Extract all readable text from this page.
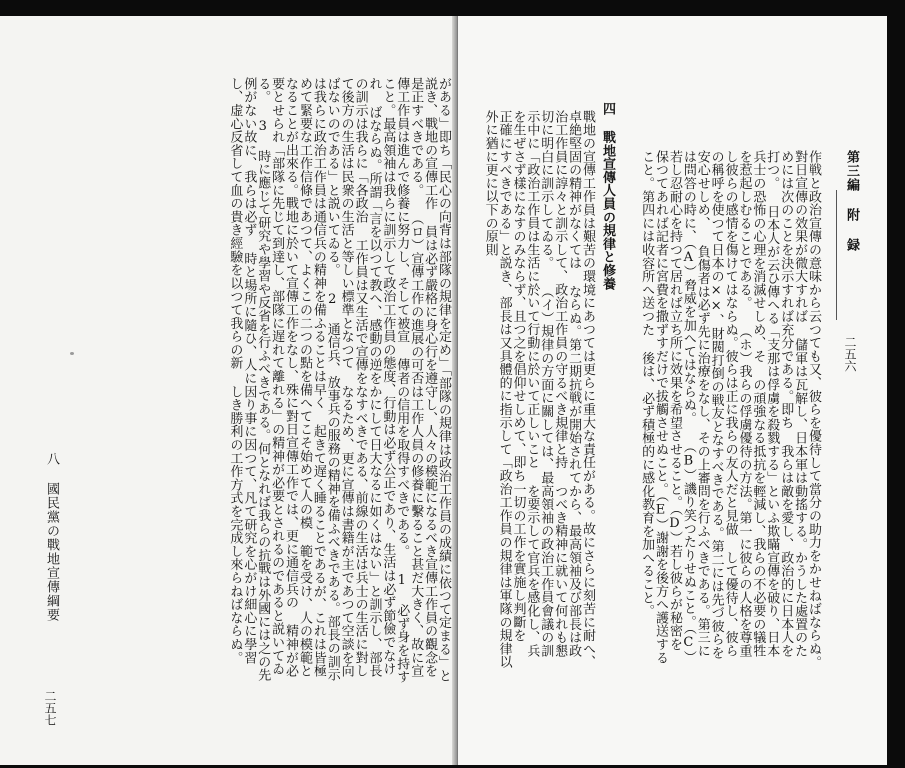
八 國民黨の戰地宣傳綱要
二五七
がある」即ち「民心の向背は部隊の規律を定め」「部隊の規律は政治工作員の成績に依つて定まる」と説き、戰地の宣傳工作 員は必ず嚴格に身心行を遵守し、人々の模範になるべき宣傳工作員の觀念を是正すべきである。 （ロ）宣傳工作の進展の可否は工作人員の修養に繫ること甚だ大きく、故に宣傳工作員は進んで修養に努力し、そして被宣 傳者の信用を取得すべきである。 1 必ず身を持すこと。最高領袖は我らに訓示して政治工作員の態度、行動は必ず公正であり、生活は必ず節儉でなけれ ばならぬ。所謂「言を以つて教へ、感動の逆をかにして日大なるに如くはない」と訓示し、部長の訓示は我らに「各政治 工作員は又生活で宣傳をなすべきである、前線の生活は兵士の生活に對して後方の生活は民衆の生活と等しい標準となつて なるため、更に宣傳は書籍が主であつて空談を向ばないのである」と説いてゐる。 2 通信兵、放事兵の服務の精神を備ふべきである。部長の訓示は我らに政治工作員は通信兵の精神を備ふることは早く 起きて遅く睡ることであるが、これは皆極めて緊要な工作信條であつて、よくこの二つの點を備へてこそ始めて人の模 範を受け、人の模範となることが出來る。戰地に於いて宣傳工作をなし、殊に對日宣傳工作では、更に通信兵の 精神が必要とせられ「部隊に先じて到達し、部隊に遅れて離れる」の精神が必要とされるのであると説いてゐる。 3 時に應じて研究や學習や反省を行ふべきである。何となれば我らの抗戰は外國には之の先例がない故に、我らは必ず 時と場所に隨ひ、人に因り事に因つて、凡て研究を心がけ細心に學習し、虚心反省して血の貴き經驗を以つて我らの新 しき勝利の工作方式を完成し來らねばならぬ。	第三編 附 録
二五六
作戦と政治宣傳の意味から云つても又、彼らを優待して當分の助力をかせねばならぬ。對日宣傳の效果が微大すれば 儲軍は瓦解し、日本軍は動搖する。かうした處置のためには次のことを決示すれば充分である。即ち 我らは敵を愛し、政治的に日本人を打つ。 日本人が云ひ傳へる「支那は俘虜を殺戮する」といふ欺瞞宣傳を破り、日本兵士の恐怖の心理を消滅せしめ、そ の頑強なる抵抗を輕減し、我らの不必要の犠牲を惹起しむることである。 （ホ）我らの俘虜優待の方法。第一に彼らの人格を尊重し彼らの感情を傷けてはならぬ。彼らは正に我らの友人だと見做 して優待し、彼らの稱呼を使つて日本の××、財閥打倒の戦友となすべきである。第二には先づ彼らを安心せしめ、 負傷者は必ず先に治療をなし、その上審問を行ふべきである。第三には問答の時に、（A）脅威を加へてはならぬ。 （B）譏り笑つたりせぬこと。（C）若し忍耐心を持つて居れば立ち所に效果を希望させること。（D）若し彼らが秘密を 保つてあれば記者に宮費を撒ずすだけで拔觸させぬこと。（E）謝謝を後方へ護送すること。第四には收容所へ送つた 後は、必ず積極的に感化教育を加へること。
四 戰地宣傳人員の規律と修養
戰地の宣傳工作員は艱苦の環境にあつては更らに重大な責任がある。故にさらに刻苦に耐へ、卓絶堅固の精神がなくては ならぬ。第二期抗戦が開始されてから、最高領袖及び部長は政治工作員に諄々と訓示して、政治工作員の守るべき規律と持 つべき精神に就いて何れも懇切に明白に訓示してゐる。 （イ）規律の方面に關しては、最高領袖の政治工作員會議の訓示中に「政治工作員は生活に於いて行動に於いて正しいこと を要示して官兵を感化し、兵を生ぜさず樣になすのみならず、且つ之を倡仰せしめて、即ち一切の工作を實施し判斷を 正確にすべきである」と説き、部長は又具體的に指示して「政治工作員の規律は軍隊の規律以外に猶に更に以下の原則
